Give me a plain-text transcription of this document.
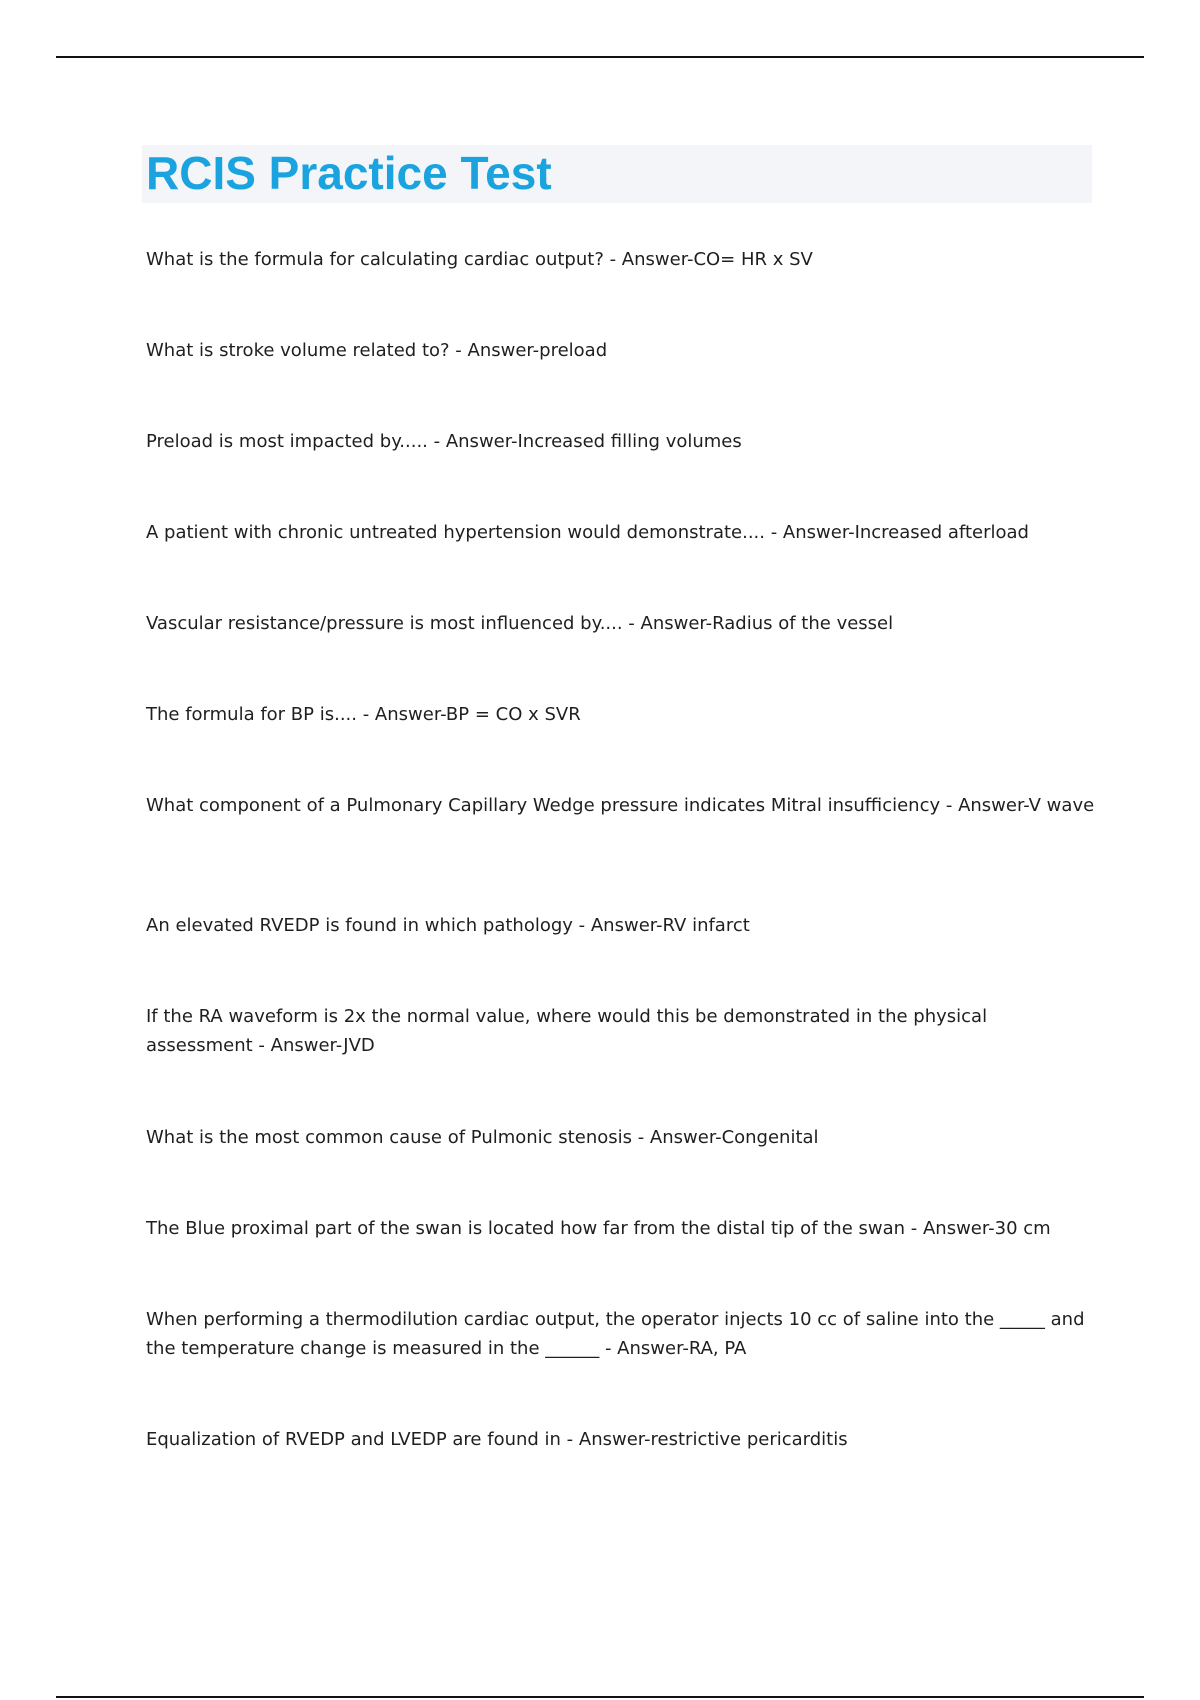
RCIS Practice Test
What is the formula for calculating cardiac output? - Answer-CO= HR x SV
What is stroke volume related to? - Answer-preload
Preload is most impacted by..... - Answer-Increased filling volumes
A patient with chronic untreated hypertension would demonstrate.... - Answer-Increased afterload
Vascular resistance/pressure is most influenced by.... - Answer-Radius of the vessel
The formula for BP is.... - Answer-BP = CO x SVR
What component of a Pulmonary Capillary Wedge pressure indicates Mitral insufficiency - Answer-V wave
An elevated RVEDP is found in which pathology - Answer-RV infarct
If the RA waveform is 2x the normal value, where would this be demonstrated in the physical assessment - Answer-JVD
What is the most common cause of Pulmonic stenosis - Answer-Congenital
The Blue proximal part of the swan is located how far from the distal tip of the swan - Answer-30 cm
When performing a thermodilution cardiac output, the operator injects 10 cc of saline into the _____ and the temperature change is measured in the ______ - Answer-RA, PA
Equalization of RVEDP and LVEDP are found in - Answer-restrictive pericarditis
